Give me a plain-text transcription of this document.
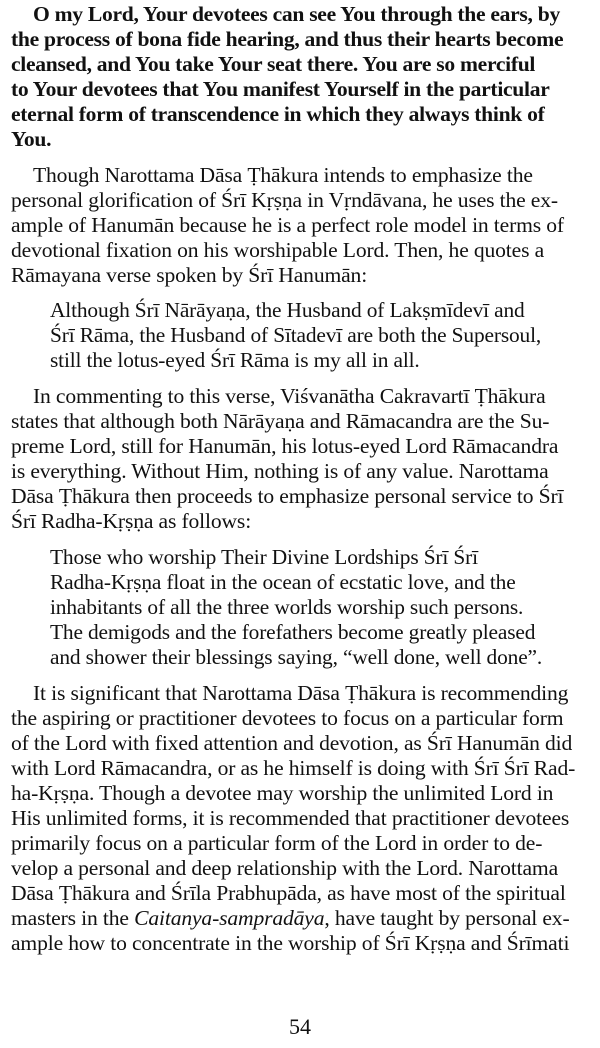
O my Lord, Your devotees can see You through the ears, by
the process of bona fide hearing, and thus their hearts become
cleansed, and You take Your seat there. You are so merciful
to Your devotees that You manifest Yourself in the particular
eternal form of transcendence in which they always think of
You.
Though Narottama Dāsa Ṭhākura intends to emphasize the
personal glorification of Śrī Kṛṣṇa in Vṛndāvana, he uses the ex-
ample of Hanumān because he is a perfect role model in terms of
devotional fixation on his worshipable Lord. Then, he quotes a
Rāmayana verse spoken by Śrī Hanumān:
Although Śrī Nārāyaṇa, the Husband of Lakṣmīdevī and
Śrī Rāma, the Husband of Sītadevī are both the Supersoul,
still the lotus-eyed Śrī Rāma is my all in all.
In commenting to this verse, Viśvanātha Cakravartī Ṭhākura
states that although both Nārāyaṇa and Rāmacandra are the Su-
preme Lord, still for Hanumān, his lotus-eyed Lord Rāmacandra
is everything. Without Him, nothing is of any value. Narottama
Dāsa Ṭhākura then proceeds to emphasize personal service to Śrī
Śrī Radha-Kṛṣṇa as follows:
Those who worship Their Divine Lordships Śrī Śrī
Radha-Kṛṣṇa float in the ocean of ecstatic love, and the
inhabitants of all the three worlds worship such persons.
The demigods and the forefathers become greatly pleased
and shower their blessings saying, “well done, well done”.
It is significant that Narottama Dāsa Ṭhākura is recommending
the aspiring or practitioner devotees to focus on a particular form
of the Lord with fixed attention and devotion, as Śrī Hanumān did
with Lord Rāmacandra, or as he himself is doing with Śrī Śrī Rad-
ha-Kṛṣṇa. Though a devotee may worship the unlimited Lord in
His unlimited forms, it is recommended that practitioner devotees
primarily focus on a particular form of the Lord in order to de-
velop a personal and deep relationship with the Lord. Narottama
Dāsa Ṭhākura and Śrīla Prabhupāda, as have most of the spiritual
masters in the Caitanya-sampradāya, have taught by personal ex-
ample how to concentrate in the worship of Śrī Kṛṣṇa and Śrīmati
54
